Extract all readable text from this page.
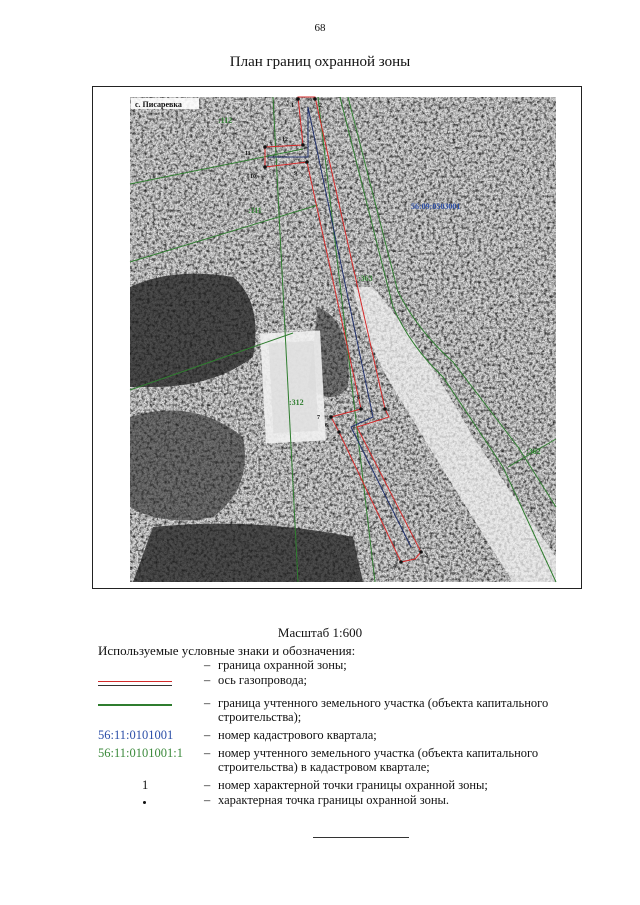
68
План границ охранной зоны
1	2
3
4
5
6
7
8
9
10
11
12
с. Писаревка
:112
:111	56:09:0503001
:363
:312
:362
Масштаб 1:600
Используемые условные знаки и обозначения:
– граница охранной зоны;
– ось газопровода;
– граница учтенного земельного участка (объекта капитального строительства);
56:11:0101001	– номер кадастрового квартала;
56:11:0101001:1	– номер учтенного земельного участка (объекта капитального строительства) в кадастровом квартале;
1	– номер характерной точки границы охранной зоны;
– характерная точка границы охранной зоны.
